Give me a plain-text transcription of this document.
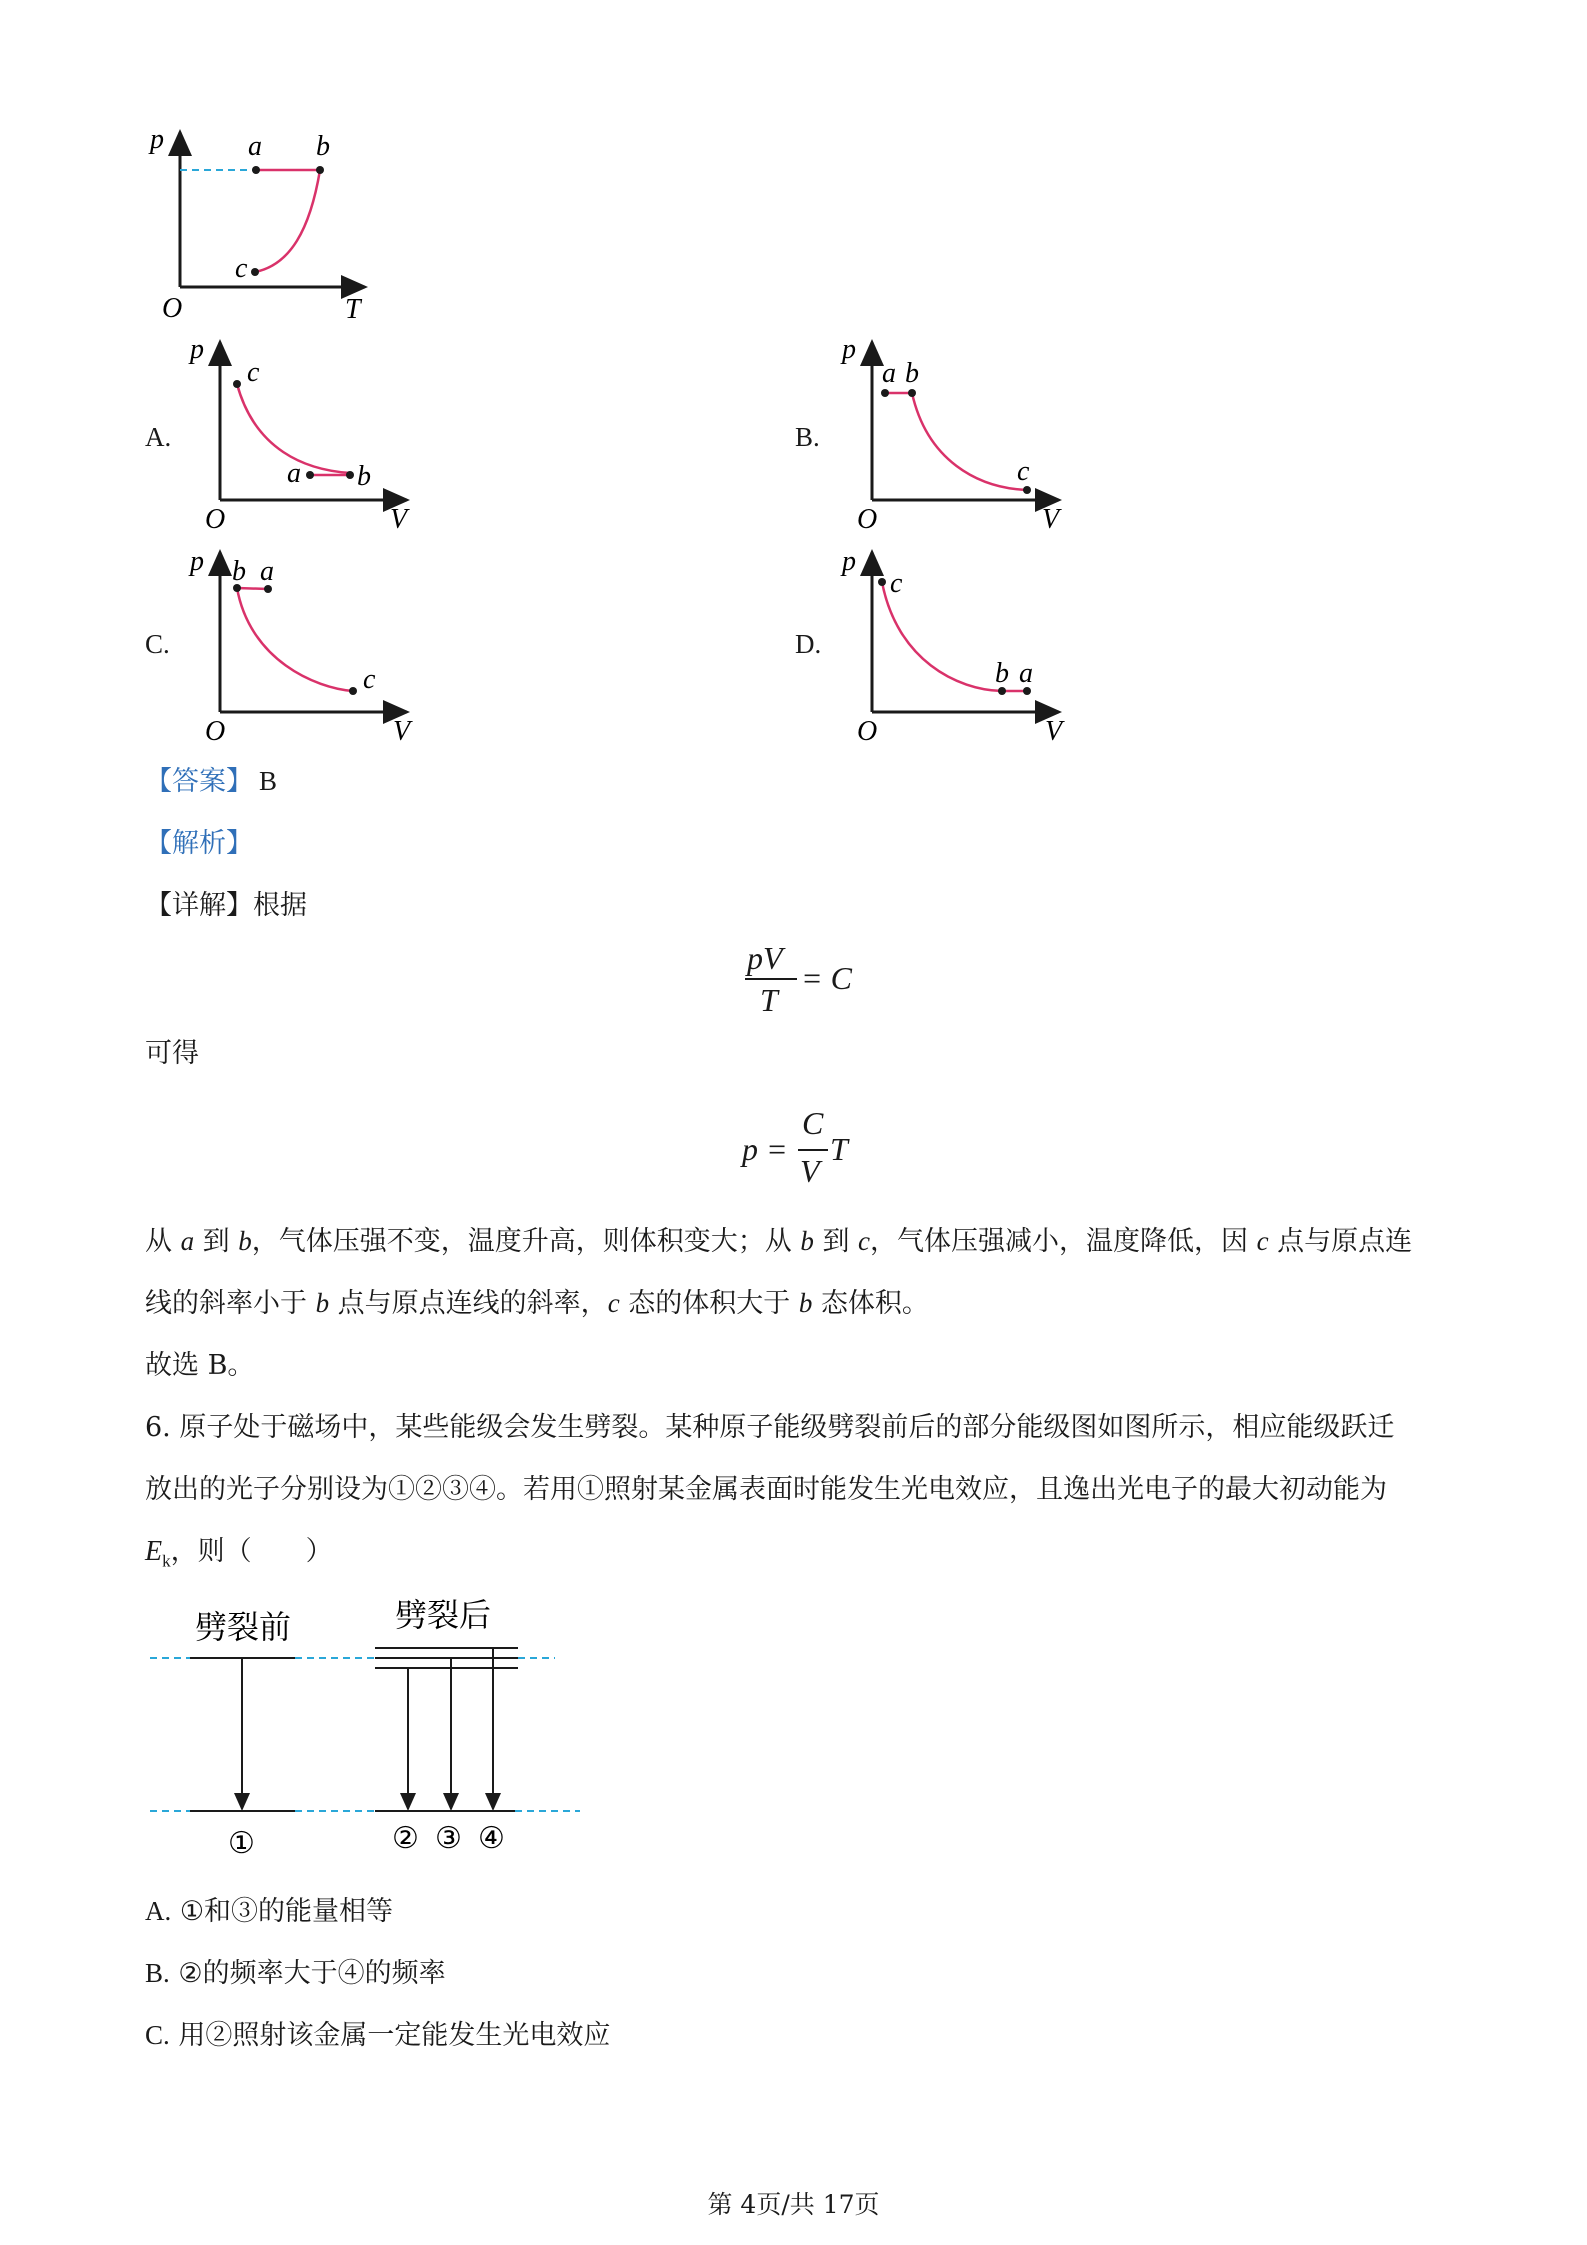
p	a b
c
O	T
A.
p
c
a b
O	V
B.
p
a b
c
O	V
C.
p b a
c
O	V
D.
p
c
b a
O	V
【答案】 B
【解析】
【详解】根据
pV
T
= C
可得
p =
C
V
T
从 a 到 b，气体压强不变，温度升高，则体积变大；从 b 到 c，气体压强减小，温度降低，因 c 点与原点连
线的斜率小于 b 点与原点连线的斜率，c 态的体积大于 b 态体积。
故选 B。
6. 原子处于磁场中，某些能级会发生劈裂。某种原子能级劈裂前后的部分能级图如图所示，相应能级跃迁
放出的光子分别设为①②③④。若用①照射某金属表面时能发生光电效应，且逸出光电子的最大初动能为
$E_k$，则（　　）
劈裂前	劈裂后
①	② ③ ④
A. ①和③的能量相等
B. ②的频率大于④的频率
C. 用②照射该金属一定能发生光电效应
第 4页/共 17页
